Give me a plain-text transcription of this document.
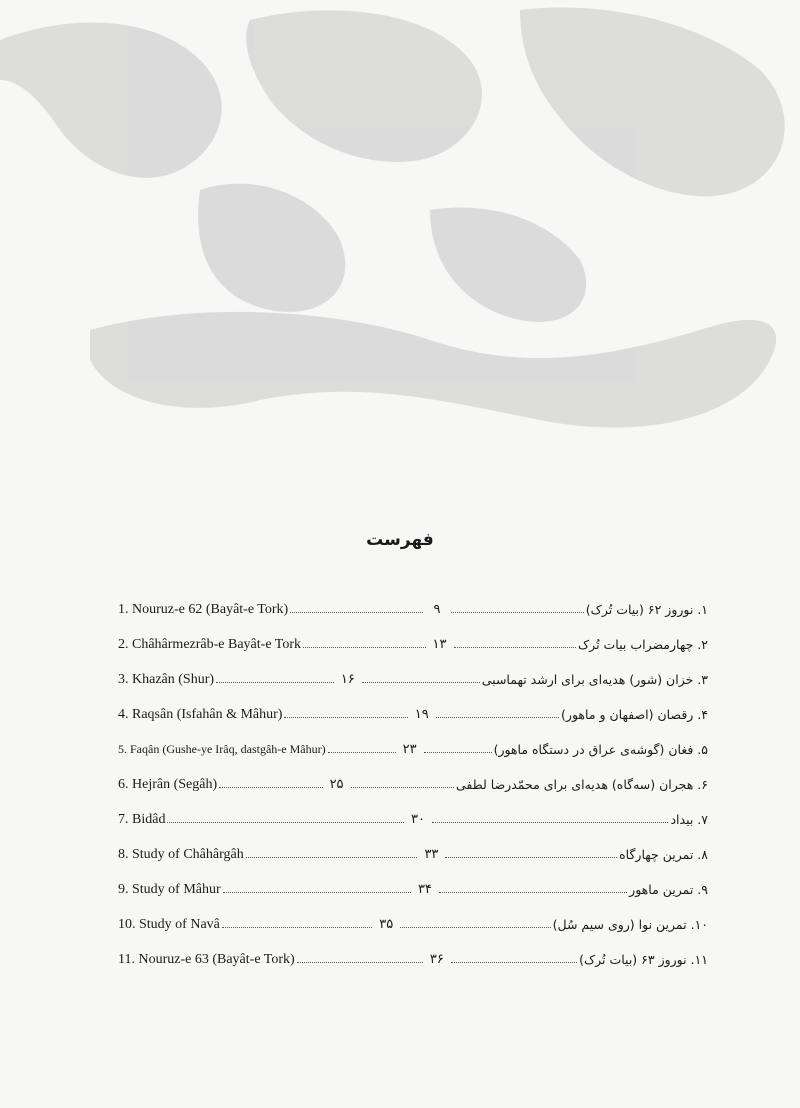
فهرست
1. Nouruz-e 62 (Bayât-e Tork)	۹	۱. نوروز ۶۲ (بیات تُرک)
2. Châhârmezrâb-e Bayât-e Tork	۱۳	۲. چهارمضراب بیات تُرک
3. Khazân (Shur)	۱۶	۳. خزان (شور) هدیه‌ای برای ارشد تهماسبی
4. Raqsân (Isfahân & Mâhur)	۱۹	۴. رقصان (اصفهان و ماهور)
5. Faqân (Gushe-ye Irâq, dastgâh-e Mâhur)	۲۳	۵. فغان (گوشه‌ی عراق در دستگاه ماهور)
6. Hejrân (Segâh)	۲۵	۶. هجران (سه‌گاه) هدیه‌ای برای محمّدرضا لطفی
7. Bidâd	۳۰	۷. بیداد
8. Study of Châhârgâh	۳۳	۸. تمرین چهارگاه
9. Study of Mâhur	۳۴	۹. تمرین ماهور
10. Study of Navâ	۳۵	۱۰. تمرین نوا (روی سیم سُل)
11. Nouruz-e 63 (Bayât-e Tork)	۳۶	۱۱. نوروز ۶۳ (بیات تُرک)
